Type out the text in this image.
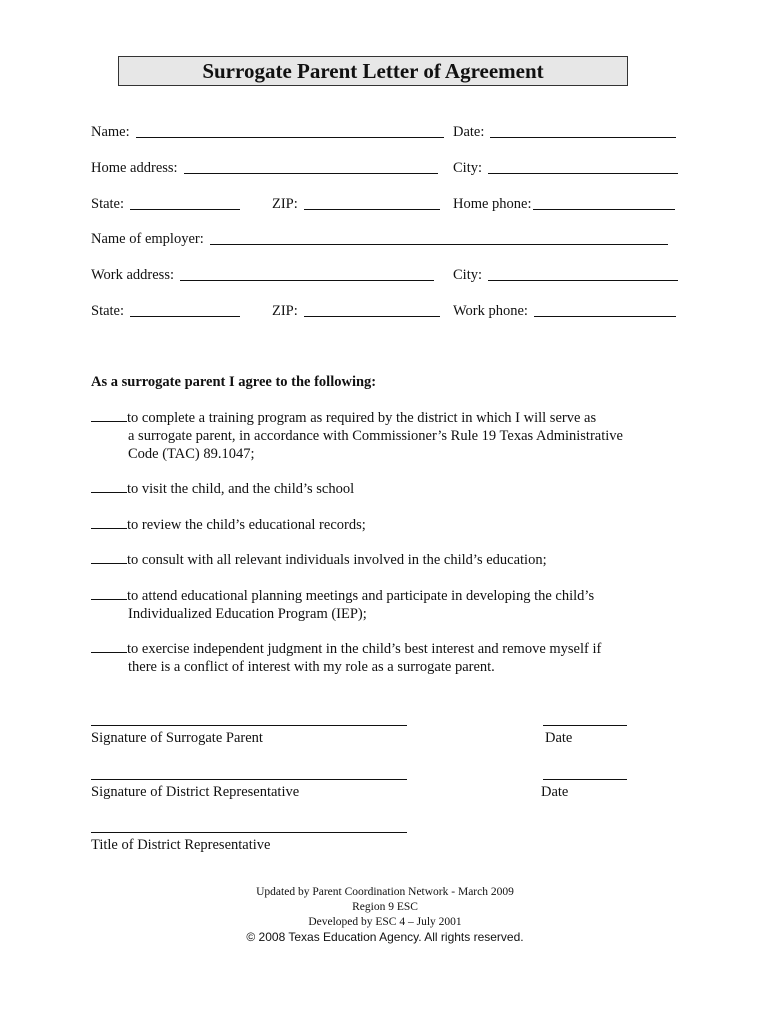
Surrogate Parent Letter of Agreement
Name:	Date:
Home address:	City:
State:	ZIP:	Home phone:
Name of employer:
Work address:	City:
State:	ZIP:	Work phone:
As a surrogate parent I agree to the following:
to complete a training program as required by the district in which I will serve as
a surrogate parent, in accordance with Commissioner’s Rule 19 Texas Administrative
Code (TAC) 89.1047;
to visit the child, and the child’s school
to review the child’s educational records;
to consult with all relevant individuals involved in the child’s education;
to attend educational planning meetings and participate in developing the child’s
Individualized Education Program (IEP);
to exercise independent judgment in the child’s best interest and remove myself if
there is a conflict of interest with my role as a surrogate parent.
Signature of Surrogate Parent	Date
Signature of District Representative	Date
Title of District Representative
Updated by Parent Coordination Network - March 2009
Region 9 ESC
Developed by ESC 4 – July 2001
© 2008 Texas Education Agency. All rights reserved.
